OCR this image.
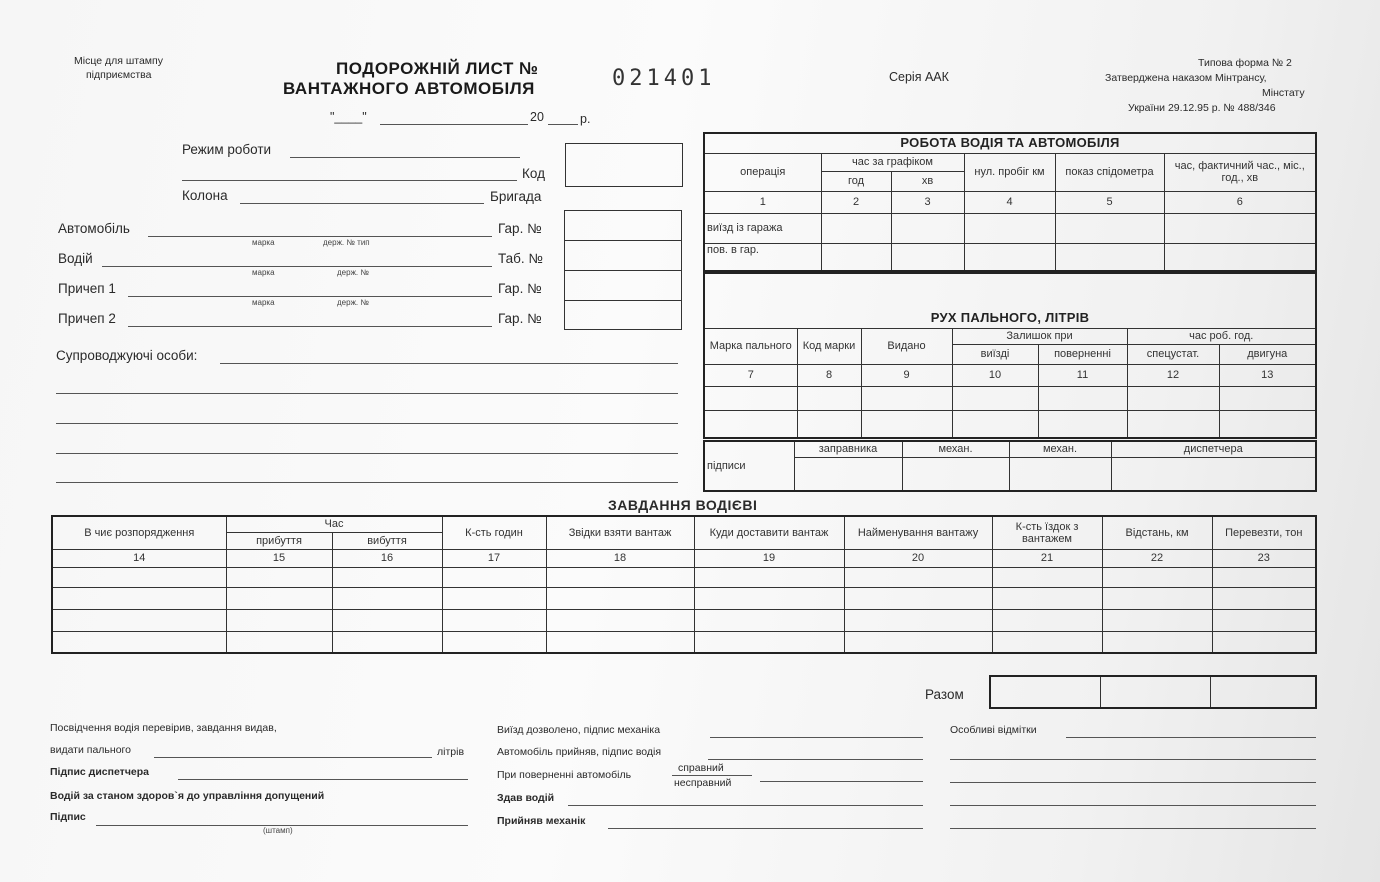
Місце для штампу
підприємства	ПОДОРОЖНІЙ ЛИСТ №
ВАНТАЖНОГО АВТОМОБІЛЯ	021401	Серія ААК
Типова форма № 2
Затверджена наказом Мінтрансу,
Мінстату
України 29.12.95 р. № 488/346
"____"	20	р.
Режим роботи
Код
Колона	Бригада
Автомобіль
марка	держ. № тип
Гар. №
Водій
марка	держ. №
Таб. №
Причеп 1
марка	держ. №
Гар. №
Причеп 2	Гар. №
Супроводжуючі особи:
РОБОТА ВОДІЯ ТА АВТОМОБІЛЯ					
операція	час за графіком		нул. пробіг км	показ спідометра	час, фактичний час., міс., год., хв
	год	хв			
1	2	3	4	5	6
виїзд із гаража					
пов. в гар.					
РУХ ПАЛЬНОГО, ЛІТРІВ						
Марка пального	Код марки	Видано	Залишок при		час роб. год.	
			виїзді	поверненні	спецустат.	двигуна
7	8	9	10	11	12	13

підписи	заправника	механ.	механ.	диспетчера

ЗАВДАННЯ ВОДІЄВІ
В чиє розпорядження	Час		К-сть годин	Звідки взяти вантаж	Куди доставити вантаж	Найменування вантажу	К-сть їздок з вантажем	Відстань, км	Перевезти, тон
	прибуття	вибуття							
14	15	16	17	18	19	20	21	22	23

Разом

Посвідчення водія перевірив, завдання видав,
видати пального	літрів
Підпис диспетчера
Водій за станом здоров`я до управління допущений
Підпис
(штамп)
Виїзд дозволено, підпис механіка
Автомобіль прийняв, підпис водія
При поверненні автомобіль
справний
несправний
Здав водій
Прийняв механік
Особливі відмітки
